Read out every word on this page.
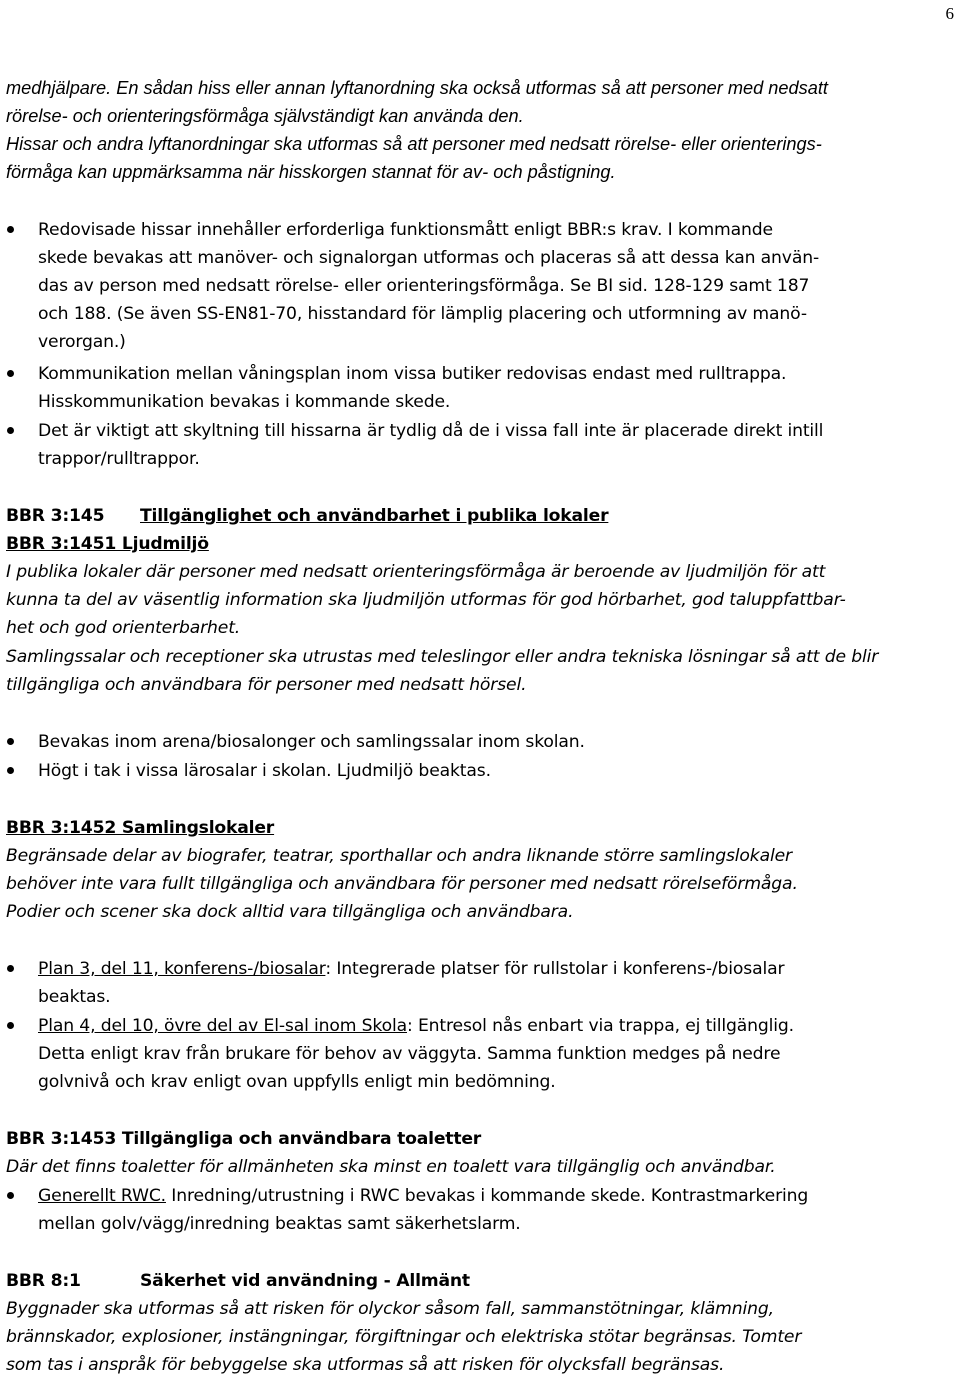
6
medhjälpare. En sådan hiss eller annan lyftanordning ska också utformas så att personer med nedsatt
rörelse- och orienteringsförmåga självständigt kan använda den.
Hissar och andra lyftanordningar ska utformas så att personer med nedsatt rörelse- eller orienterings-
förmåga kan uppmärksamma när hisskorgen stannat för av- och påstigning.
Redovisade hissar innehåller erforderliga funktionsmått enligt BBR:s krav. I kommande
skede bevakas att manöver- och signalorgan utformas och placeras så att dessa kan använ-
das av person med nedsatt rörelse- eller orienteringsförmåga. Se BI sid. 128-129 samt 187
och 188. (Se även SS-EN81-70, hisstandard för lämplig placering och utformning av manö-
verorgan.)
Kommunikation mellan våningsplan inom vissa butiker redovisas endast med rulltrappa.
Hisskommunikation bevakas i kommande skede.
Det är viktigt att skyltning till hissarna är tydlig då de i vissa fall inte är placerade direkt intill
trappor/rulltrappor.
BBR 3:145 Tillgänglighet och användbarhet i publika lokaler
BBR 3:1451 Ljudmiljö
I publika lokaler där personer med nedsatt orienteringsförmåga är beroende av ljudmiljön för att
kunna ta del av väsentlig information ska ljudmiljön utformas för god hörbarhet, god taluppfattbar-
het och god orienterbarhet.
Samlingssalar och receptioner ska utrustas med teleslingor eller andra tekniska lösningar så att de blir
tillgängliga och användbara för personer med nedsatt hörsel.
Bevakas inom arena/biosalonger och samlingssalar inom skolan.
Högt i tak i vissa lärosalar i skolan. Ljudmiljö beaktas.
BBR 3:1452 Samlingslokaler
Begränsade delar av biografer, teatrar, sporthallar och andra liknande större samlingslokaler
behöver inte vara fullt tillgängliga och användbara för personer med nedsatt rörelseförmåga.
Podier och scener ska dock alltid vara tillgängliga och användbara.
Plan 3, del 11, konferens-/biosalar: Integrerade platser för rullstolar i konferens-/biosalar
beaktas.
Plan 4, del 10, övre del av El-sal inom Skola: Entresol nås enbart via trappa, ej tillgänglig.
Detta enligt krav från brukare för behov av väggyta. Samma funktion medges på nedre
golvnivå och krav enligt ovan uppfylls enligt min bedömning.
BBR 3:1453 Tillgängliga och användbara toaletter
Där det finns toaletter för allmänheten ska minst en toalett vara tillgänglig och användbar.
Generellt RWC. Inredning/utrustning i RWC bevakas i kommande skede. Kontrastmarkering
mellan golv/vägg/inredning beaktas samt säkerhetslarm.
BBR 8:1	Säkerhet vid användning - Allmänt
Byggnader ska utformas så att risken för olyckor såsom fall, sammanstötningar, klämning,
brännskador, explosioner, instängningar, förgiftningar och elektriska stötar begränsas. Tomter
som tas i anspråk för bebyggelse ska utformas så att risken för olycksfall begränsas.
